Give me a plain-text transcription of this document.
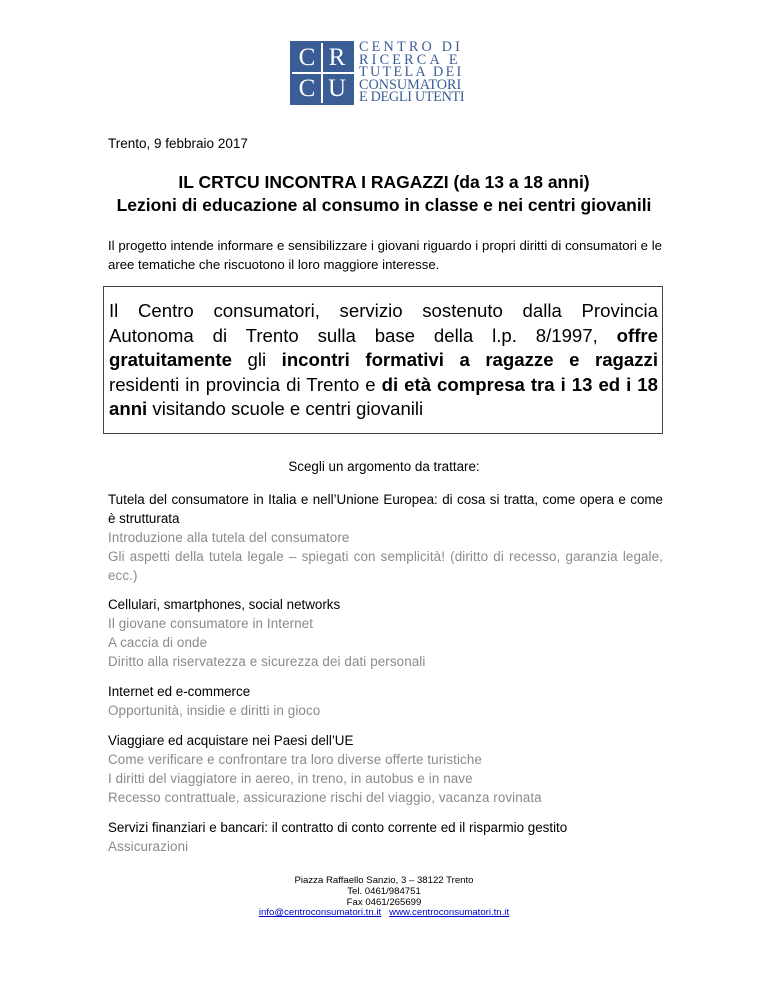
C R
C U
CENTRO DI
RICERCA E
TUTELA DEI
CONSUMATORI
E DEGLI UTENTI
Trento, 9 febbraio 2017
IL CRTCU INCONTRA I RAGAZZI (da 13 a 18 anni)
Lezioni di educazione al consumo in classe e nei centri giovanili
Il progetto intende informare e sensibilizzare i giovani riguardo i propri diritti di consumatori e le aree tematiche che riscuotono il loro maggiore interesse.
Il Centro consumatori, servizio sostenuto dalla Provincia Autonoma di Trento sulla base della l.p. 8/1997, offre gratuitamente gli incontri formativi a ragazze e ragazzi residenti in provincia di Trento e di età compresa tra i 13 ed i 18 anni visitando scuole e centri giovanili
Scegli un argomento da trattare:
Tutela del consumatore in Italia e nell’Unione Europea: di cosa si tratta, come opera e come è strutturata
Introduzione alla tutela del consumatore
Gli aspetti della tutela legale – spiegati con semplicità! (diritto di recesso, garanzia legale, ecc.)
Cellulari, smartphones, social networks
Il giovane consumatore in Internet
A caccia di onde
Diritto alla riservatezza e sicurezza dei dati personali
Internet ed e-commerce
Opportunità, insidie e diritti in gioco
Viaggiare ed acquistare nei Paesi dell’UE
Come verificare e confrontare tra loro diverse offerte turistiche
I diritti del viaggiatore in aereo, in treno, in autobus e in nave
Recesso contrattuale, assicurazione rischi del viaggio, vacanza rovinata
Servizi finanziari e bancari: il contratto di conto corrente ed il risparmio gestito
Assicurazioni
Piazza Raffaello Sanzio, 3 – 38122 Trento
Tel. 0461/984751
Fax 0461/265699
info@centroconsumatori.tn.it www.centroconsumatori.tn.it
